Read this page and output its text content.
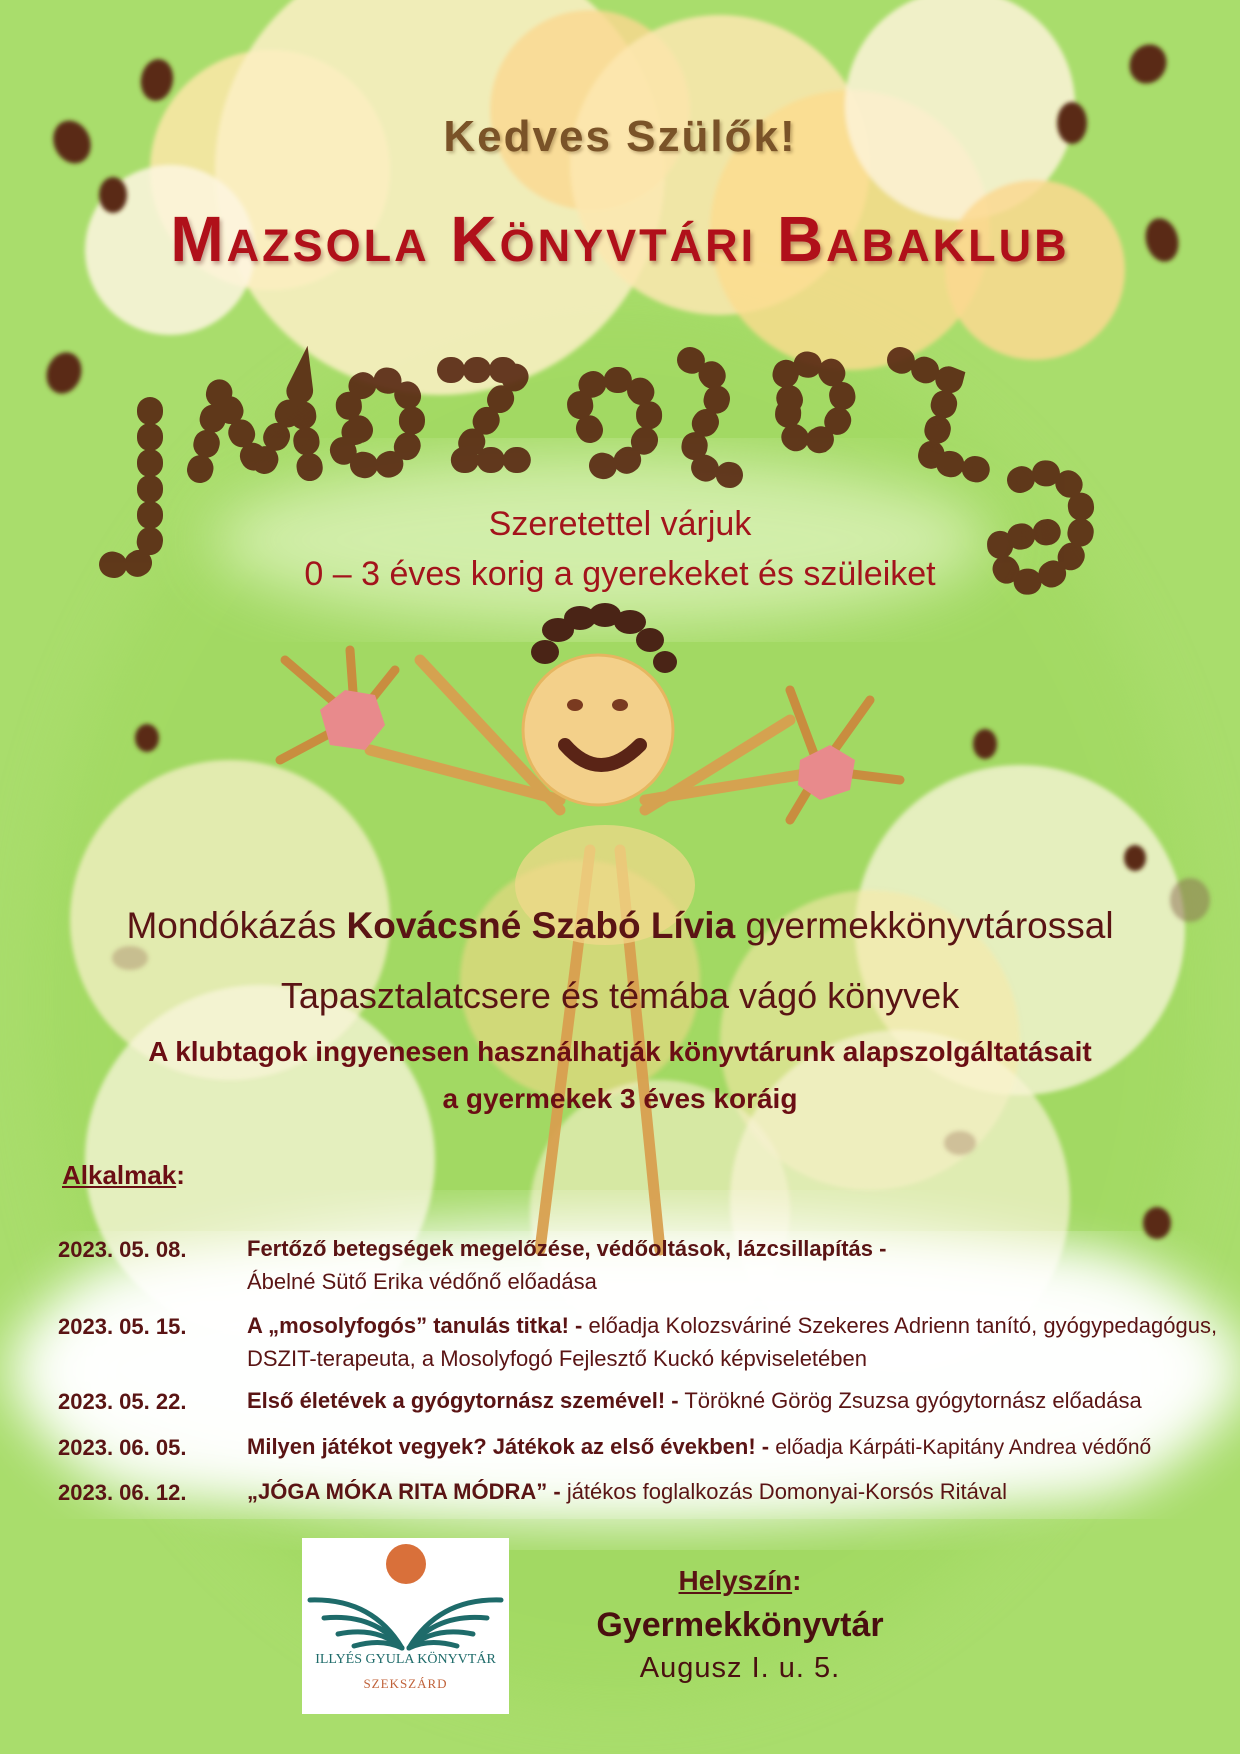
Kedves Szülők!
Mazsola Könyvtári Babaklub
Szeretettel várjuk
0 – 3 éves korig a gyerekeket és szüleiket
Mondókázás Kovácsné Szabó Lívia gyermekkönyvtárossal
Tapasztalatcsere és témába vágó könyvek
A klubtagok ingyenesen használhatják könyvtárunk alapszolgáltatásait
a gyermekek 3 éves koráig
Alkalmak:
2023. 05. 08.	Fertőző betegségek megelőzése, védőoltások, lázcsillapítás -
Ábelné Sütő Erika védőnő előadása
2023. 05. 15.	A „mosolyfogós” tanulás titka! - előadja Kolozsváriné Szekeres Adrienn tanító, gyógypedagógus, DSZIT-terapeuta, a Mosolyfogó Fejlesztő Kuckó képviseletében
2023. 05. 22.	Első életévek a gyógytornász szemével! - Törökné Görög Zsuzsa gyógytornász előadása
2023. 06. 05.	Milyen játékot vegyek? Játékok az első években! - előadja Kárpáti-Kapitány Andrea védőnő
2023. 06. 12.	„JÓGA MÓKA RITA MÓDRA” - játékos foglalkozás Domonyai-Korsós Ritával
ILLYÉS GYULA KÖNYVTÁR
SZEKSZÁRD
Helyszín:
Gyermekkönyvtár
Augusz I. u. 5.
